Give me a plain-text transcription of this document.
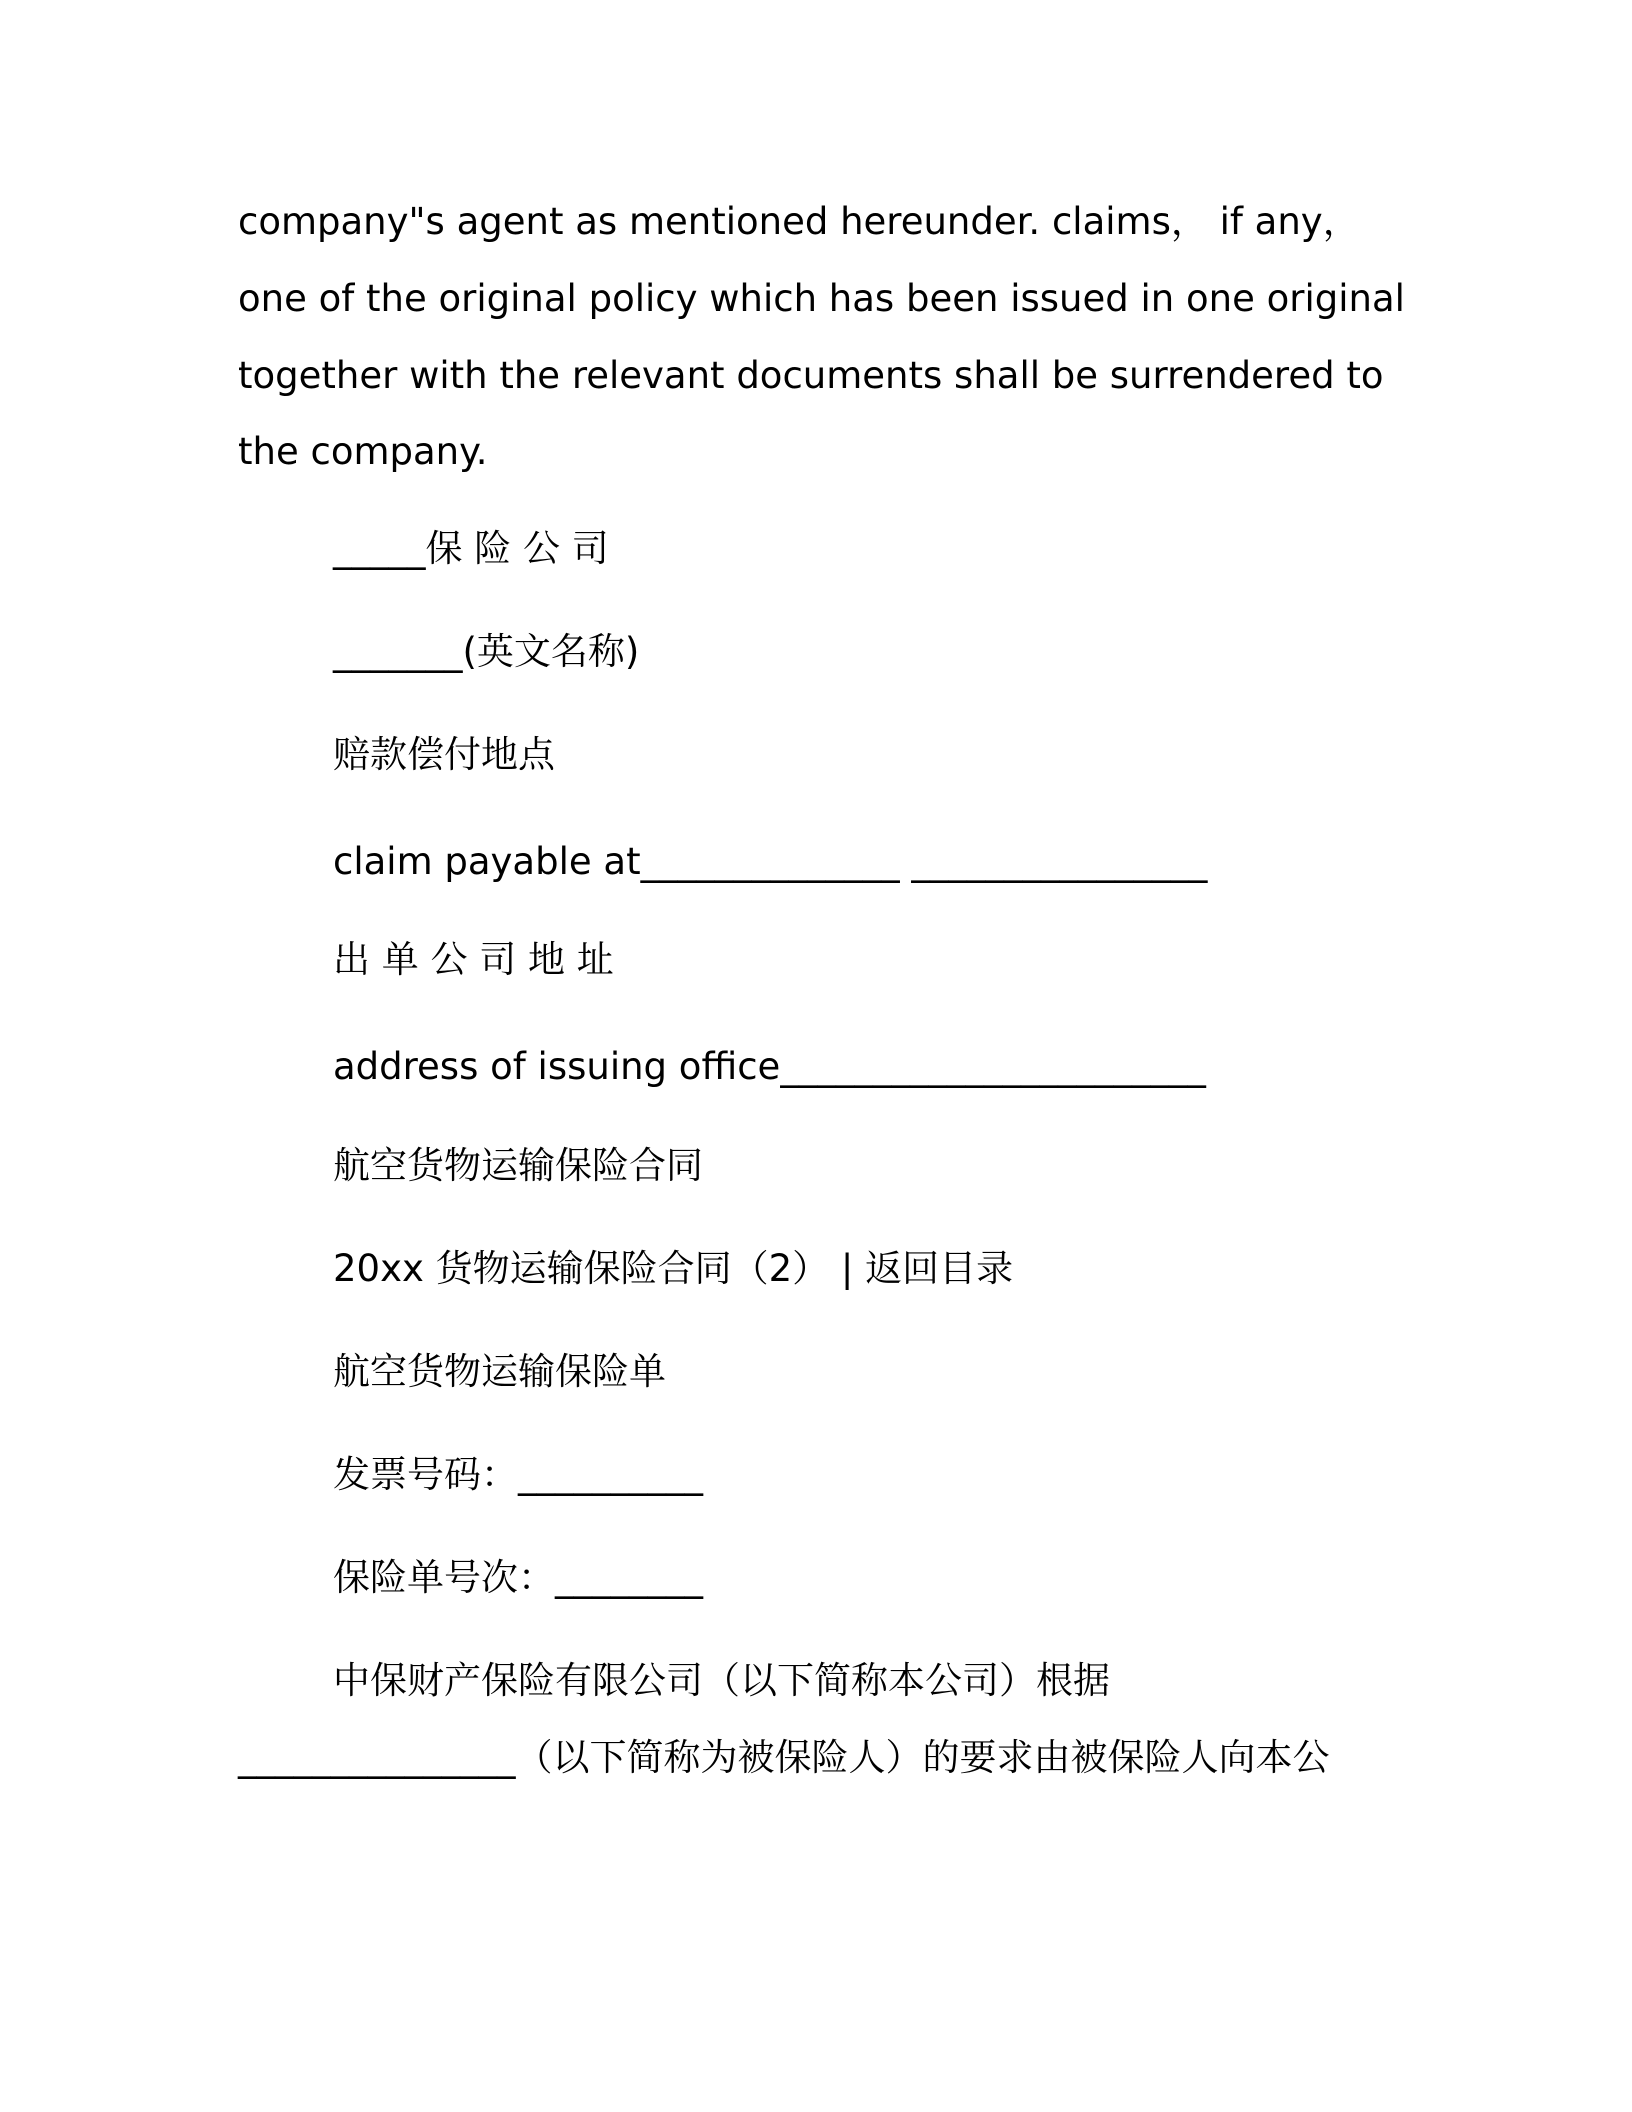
company"s agent as mentioned hereunder. claims， if any，
one of the original policy which has been issued in one original
together with the relevant documents shall be surrendered to
the company.
_____保 险 公 司
_______(英文名称)
赔款偿付地点
claim payable at______________ ________________
出 单 公 司 地 址
address of issuing office_______________________
航空货物运输保险合同
20xx 货物运输保险合同（2） | 返回目录
航空货物运输保险单
发票号码：__________
保险单号次：________
中保财产保险有限公司（以下简称本公司）根据
_______________（以下简称为被保险人）的要求由被保险人向本公
